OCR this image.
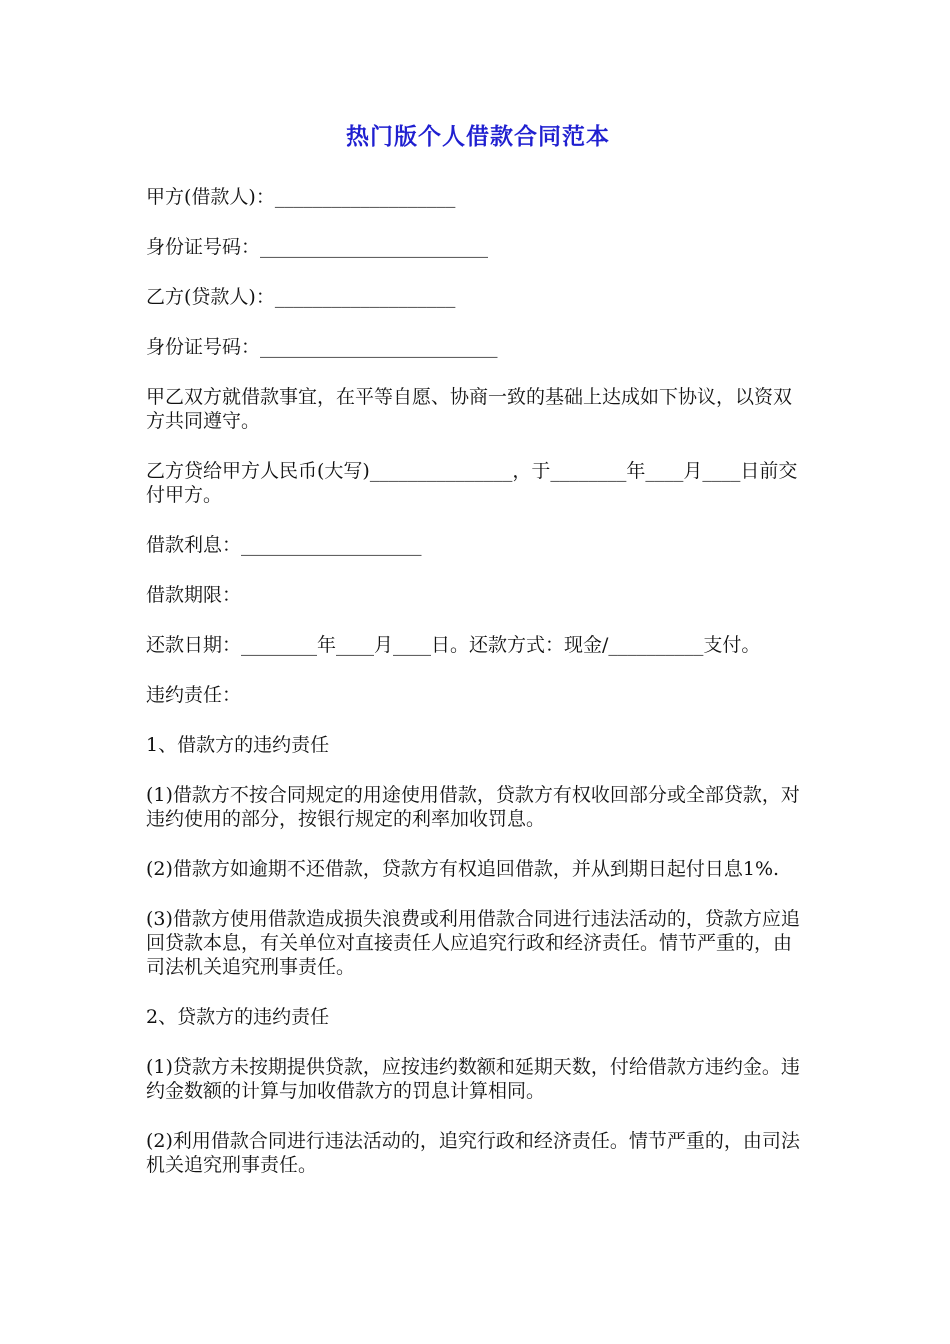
热门版个人借款合同范本

甲方(借款人)：___________________

身份证号码：________________________

乙方(贷款人)：___________________

身份证号码：_________________________

甲乙双方就借款事宜，在平等自愿、协商一致的基础上达成如下协议，以资双方共同遵守。

乙方贷给甲方人民币(大写)_______________，于________年____月____日前交付甲方。

借款利息：___________________

借款期限：

还款日期：________年____月____日。还款方式：现金/__________支付。

违约责任：

1、借款方的违约责任

(1)借款方不按合同规定的用途使用借款，贷款方有权收回部分或全部贷款，对违约使用的部分，按银行规定的利率加收罚息。

(2)借款方如逾期不还借款，贷款方有权追回借款，并从到期日起付日息1%.

(3)借款方使用借款造成损失浪费或利用借款合同进行违法活动的，贷款方应追回贷款本息，有关单位对直接责任人应追究行政和经济责任。情节严重的，由司法机关追究刑事责任。

2、贷款方的违约责任

(1)贷款方未按期提供贷款，应按违约数额和延期天数，付给借款方违约金。违约金数额的计算与加收借款方的罚息计算相同。

(2)利用借款合同进行违法活动的，追究行政和经济责任。情节严重的，由司法机关追究刑事责任。
